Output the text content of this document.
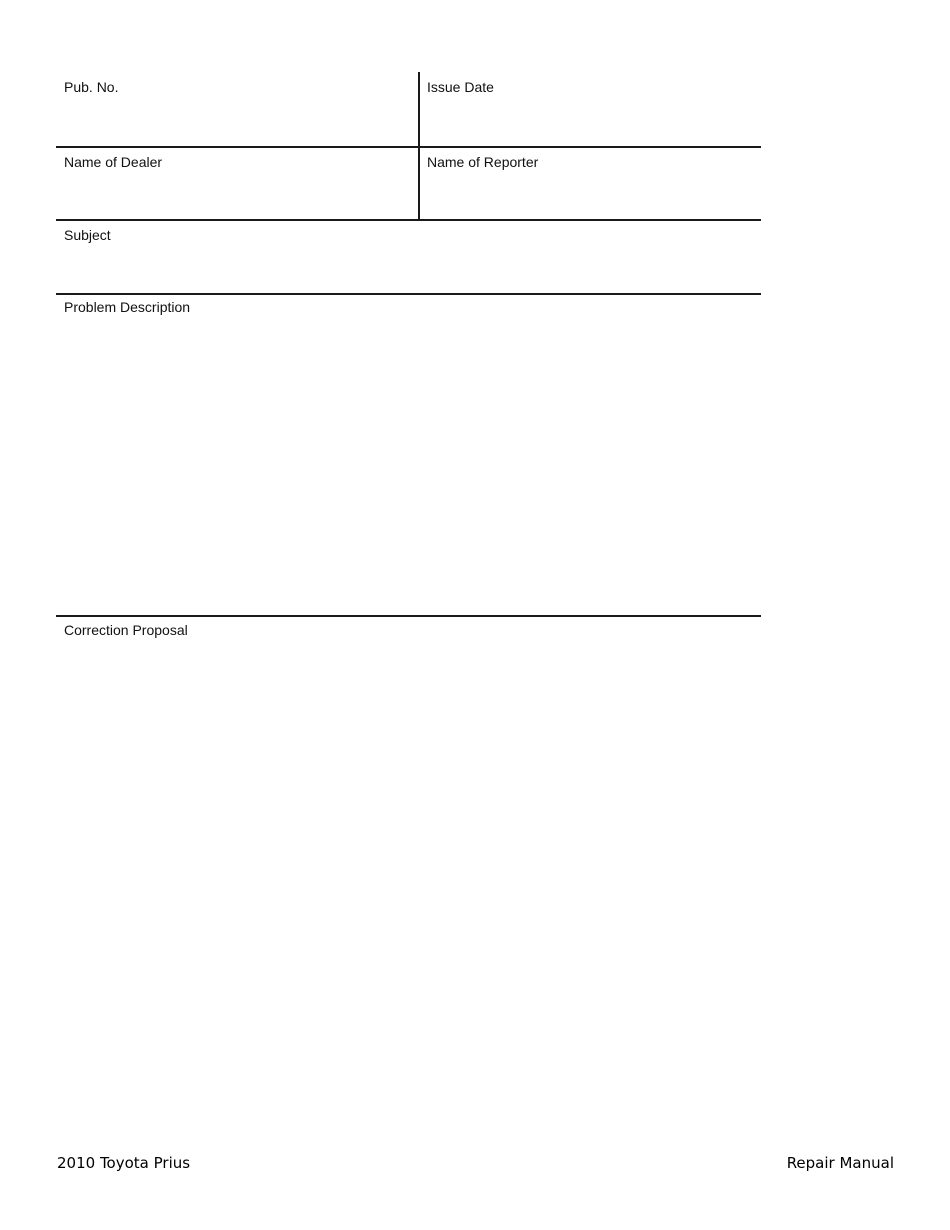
Pub. No.	Issue Date
Name of Dealer	Name of Reporter
Subject
Problem Description
Correction Proposal
2010 Toyota Prius	Repair Manual
